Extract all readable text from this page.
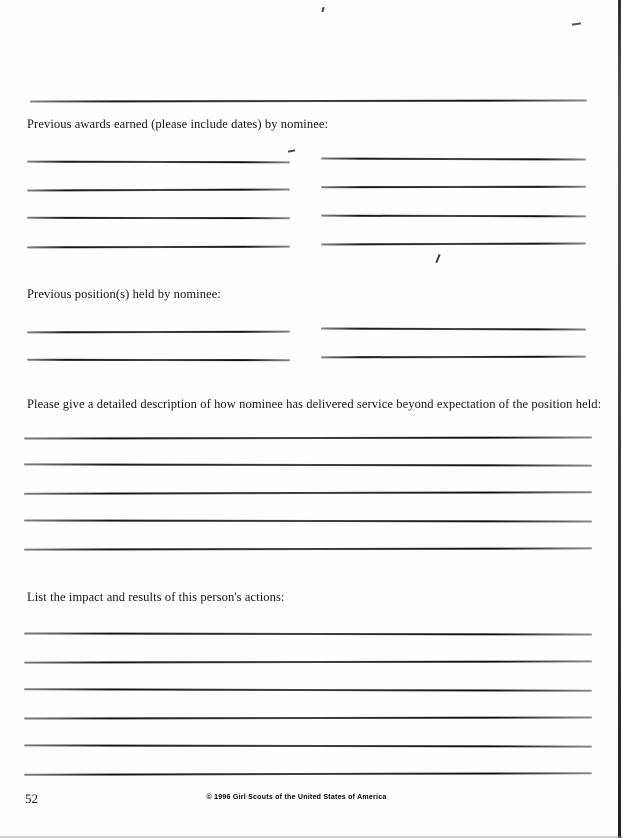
Previous awards earned (please include dates) by nominee:
Previous position(s) held by nominee:
Please give a detailed description of how nominee has delivered service beyond expectation of the position held:
List the impact and results of this person's actions:
52	© 1996 Girl Scouts of the United States of America
